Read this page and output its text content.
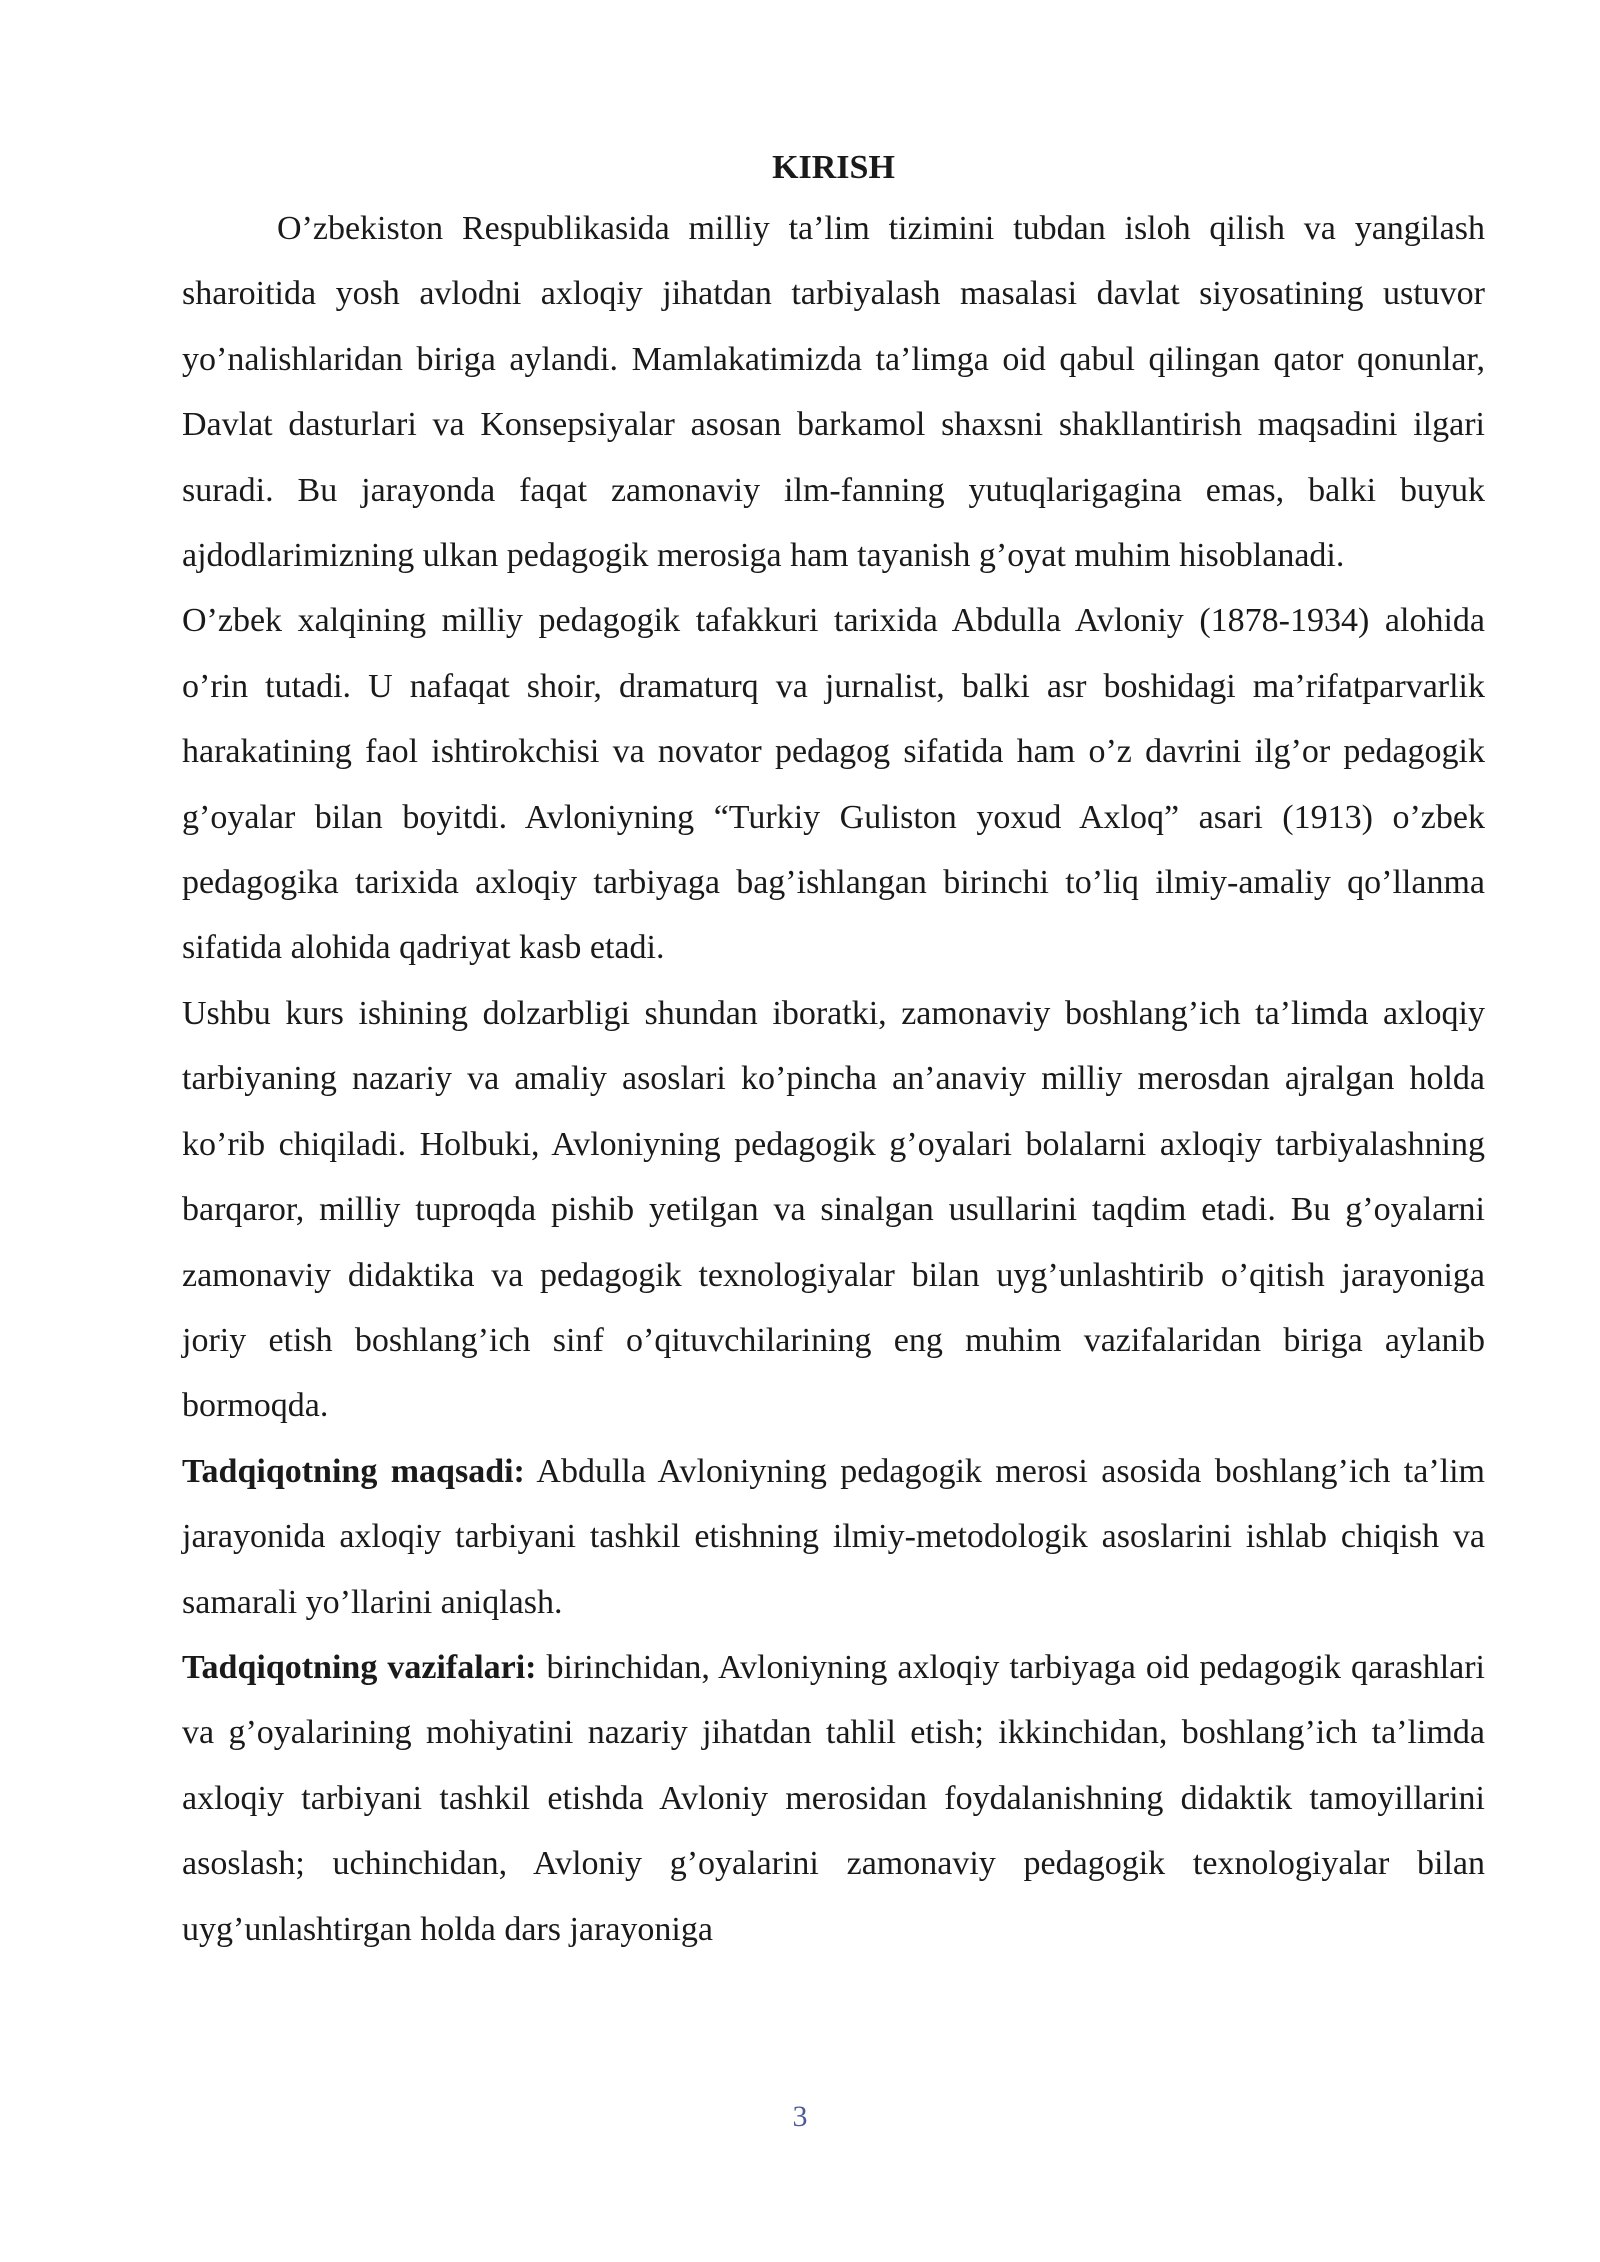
KIRISH

O’zbekiston Respublikasida milliy ta’lim tizimini tubdan isloh qilish va yangilash sharoitida yosh avlodni axloqiy jihatdan tarbiyalash masalasi davlat siyosatining ustuvor yo’nalishlaridan biriga aylandi. Mamlakatimizda ta’limga oid qabul qilingan qator qonunlar, Davlat dasturlari va Konsepsiyalar asosan barkamol shaxsni shakllantirish maqsadini ilgari suradi. Bu jarayonda faqat zamonaviy ilm-fanning yutuqlarigagina emas, balki buyuk ajdodlarimizning ulkan pedagogik merosiga ham tayanish g’oyat muhim hisoblanadi.

O’zbek xalqining milliy pedagogik tafakkuri tarixida Abdulla Avloniy (1878-1934) alohida o’rin tutadi. U nafaqat shoir, dramaturq va jurnalist, balki asr boshidagi ma’rifatparvarlik harakatining faol ishtirokchisi va novator pedagog sifatida ham o’z davrini ilg’or pedagogik g’oyalar bilan boyitdi. Avloniyning “Turkiy Guliston yoxud Axloq” asari (1913) o’zbek pedagogika tarixida axloqiy tarbiyaga bag’ishlangan birinchi to’liq ilmiy-amaliy qo’llanma sifatida alohida qadriyat kasb etadi.

Ushbu kurs ishining dolzarbligi shundan iboratki, zamonaviy boshlang’ich ta’limda axloqiy tarbiyaning nazariy va amaliy asoslari ko’pincha an’anaviy milliy merosdan ajralgan holda ko’rib chiqiladi. Holbuki, Avloniyning pedagogik g’oyalari bolalarni axloqiy tarbiyalashning barqaror, milliy tuproqda pishib yetilgan va sinalgan usullarini taqdim etadi. Bu g’oyalarni zamonaviy didaktika va pedagogik texnologiyalar bilan uyg’unlashtirib o’qitish jarayoniga joriy etish boshlang’ich sinf o’qituvchilarining eng muhim vazifalaridan biriga aylanib bormoqda.

Tadqiqotning maqsadi: Abdulla Avloniyning pedagogik merosi asosida boshlang’ich ta’lim jarayonida axloqiy tarbiyani tashkil etishning ilmiy-metodologik asoslarini ishlab chiqish va samarali yo’llarini aniqlash.

Tadqiqotning vazifalari: birinchidan, Avloniyning axloqiy tarbiyaga oid pedagogik qarashlari va g’oyalarining mohiyatini nazariy jihatdan tahlil etish; ikkinchidan, boshlang’ich ta’limda axloqiy tarbiyani tashkil etishda Avloniy merosidan foydalanishning didaktik tamoyillarini asoslash; uchinchidan, Avloniy g’oyalarini zamonaviy pedagogik texnologiyalar bilan uyg’unlashtirgan holda dars jarayoniga

3
